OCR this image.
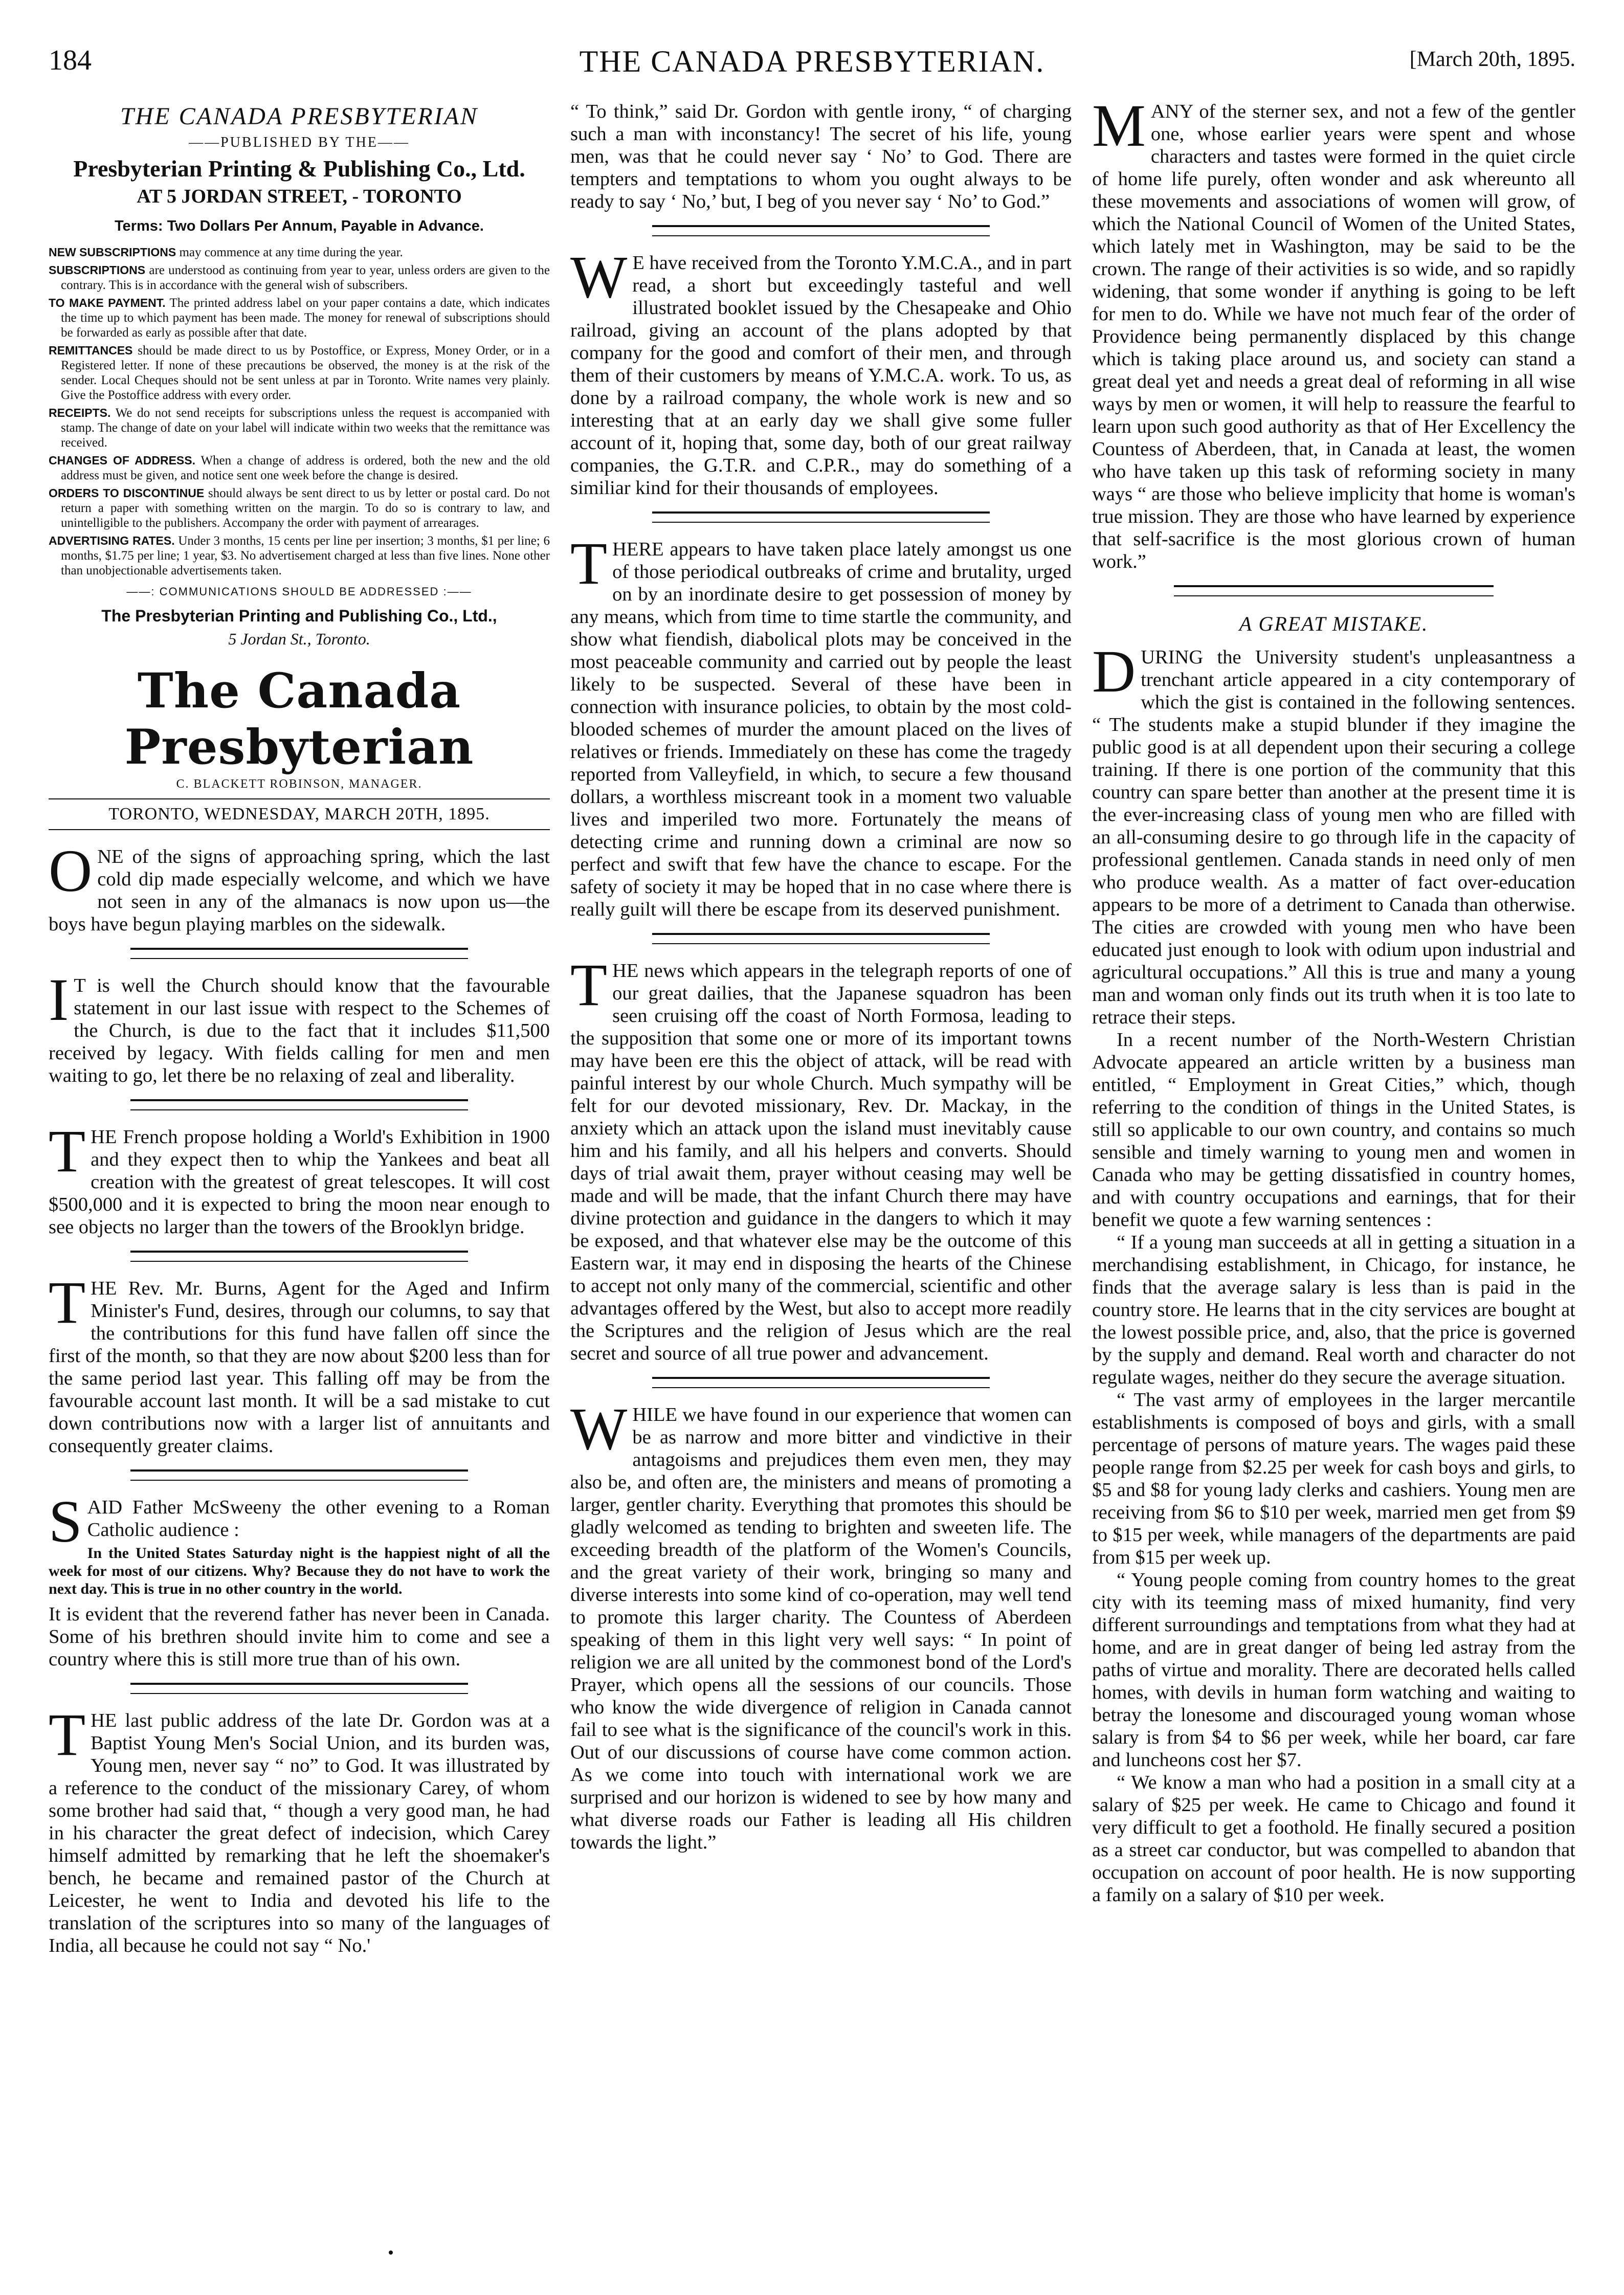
184	THE CANADA PRESBYTERIAN.	[March 20th, 1895.
THE CANADA PRESBYTERIAN
——PUBLISHED BY THE——
Presbyterian Printing & Publishing Co., Ltd.
AT 5 JORDAN STREET, - TORONTO
Terms: Two Dollars Per Annum, Payable in Advance.

NEW SUBSCRIPTIONS may commence at any time during the year.

SUBSCRIPTIONS are understood as continuing from year to year, unless orders are given to the contrary. This is in accordance with the general wish of subscribers.

TO MAKE PAYMENT. The printed address label on your paper contains a date, which indicates the time up to which payment has been made. The money for renewal of subscriptions should be forwarded as early as possible after that date.

REMITTANCES should be made direct to us by Postoffice, or Express, Money Order, or in a Registered letter. If none of these precautions be observed, the money is at the risk of the sender. Local Cheques should not be sent unless at par in Toronto. Write names very plainly. Give the Postoffice address with every order.

RECEIPTS. We do not send receipts for subscriptions unless the request is accompanied with stamp. The change of date on your label will indicate within two weeks that the remittance was received.

CHANGES OF ADDRESS. When a change of address is ordered, both the new and the old address must be given, and notice sent one week before the change is desired.

ORDERS TO DISCONTINUE should always be sent direct to us by letter or postal card. Do not return a paper with something written on the margin. To do so is contrary to law, and unintelligible to the publishers. Accompany the order with payment of arrearages.

ADVERTISING RATES. Under 3 months, 15 cents per line per insertion; 3 months, $1 per line; 6 months, $1.75 per line; 1 year, $3. No advertisement charged at less than five lines. None other than unobjectionable advertisements taken.

——: COMMUNICATIONS SHOULD BE ADDRESSED :——
The Presbyterian Printing and Publishing Co., Ltd.,
5 Jordan St., Toronto.
The Canada Presbyterian
C. BLACKETT ROBINSON, MANAGER.
TORONTO, WEDNESDAY, MARCH 20TH, 1895.

ONE of the signs of approaching spring, which the last cold dip made especially welcome, and which we have not seen in any of the almanacs is now upon us—the boys have begun playing marbles on the sidewalk.

I T is well the Church should know that the favourable statement in our last issue with respect to the Schemes of the Church, is due to the fact that it includes $11,500 received by legacy. With fields calling for men and men waiting to go, let there be no relaxing of zeal and liberality.

THE French propose holding a World's Exhibition in 1900 and they expect then to whip the Yankees and beat all creation with the greatest of great telescopes. It will cost $500,000 and it is expected to bring the moon near enough to see objects no larger than the towers of the Brooklyn bridge.

THE Rev. Mr. Burns, Agent for the Aged and Infirm Minister's Fund, desires, through our columns, to say that the contributions for this fund have fallen off since the first of the month, so that they are now about $200 less than for the same period last year. This falling off may be from the favourable account last month. It will be a sad mistake to cut down contributions now with a larger list of annuitants and consequently greater claims.

SAID Father McSweeny the other evening to a Roman Catholic audience :

In the United States Saturday night is the happiest night of all the week for most of our citizens. Why? Because they do not have to work the next day. This is true in no other country in the world.

It is evident that the reverend father has never been in Canada. Some of his brethren should invite him to come and see a country where this is still more true than of his own.

THE last public address of the late Dr. Gordon was at a Baptist Young Men's Social Union, and its burden was, Young men, never say “ no” to God. It was illustrated by a reference to the conduct of the missionary Carey, of whom some brother had said that, “ though a very good man, he had in his character the great defect of indecision, which Carey himself admitted by remarking that he left the shoemaker's bench, he became and remained pastor of the Church at Leicester, he went to India and devoted his life to the translation of the scriptures into so many of the languages of India, all because he could not say “ No.'

“ To think,” said Dr. Gordon with gentle irony, “ of charging such a man with inconstancy! The secret of his life, young men, was that he could never say ‘ No’ to God. There are tempters and temptations to whom you ought always to be ready to say ‘ No,’ but, I beg of you never say ‘ No’ to God.”

W E have received from the Toronto Y.M.C.A., and in part read, a short but exceedingly tasteful and well illustrated booklet issued by the Chesapeake and Ohio railroad, giving an account of the plans adopted by that company for the good and comfort of their men, and through them of their customers by means of Y.M.C.A. work. To us, as done by a railroad company, the whole work is new and so interesting that at an early day we shall give some fuller account of it, hoping that, some day, both of our great railway companies, the G.T.R. and C.P.R., may do something of a similiar kind for their thousands of employees.

THERE appears to have taken place lately amongst us one of those periodical outbreaks of crime and brutality, urged on by an inordinate desire to get possession of money by any means, which from time to time startle the community, and show what fiendish, diabolical plots may be conceived in the most peaceable community and carried out by people the least likely to be suspected. Several of these have been in connection with insurance policies, to obtain by the most cold-blooded schemes of murder the amount placed on the lives of relatives or friends. Immediately on these has come the tragedy reported from Valleyfield, in which, to secure a few thousand dollars, a worthless miscreant took in a moment two valuable lives and imperiled two more. Fortunately the means of detecting crime and running down a criminal are now so perfect and swift that few have the chance to escape. For the safety of society it may be hoped that in no case where there is really guilt will there be escape from its deserved punishment.

THE news which appears in the telegraph reports of one of our great dailies, that the Japanese squadron has been seen cruising off the coast of North Formosa, leading to the supposition that some one or more of its important towns may have been ere this the object of attack, will be read with painful interest by our whole Church. Much sympathy will be felt for our devoted missionary, Rev. Dr. Mackay, in the anxiety which an attack upon the island must inevitably cause him and his family, and all his helpers and converts. Should days of trial await them, prayer without ceasing may well be made and will be made, that the infant Church there may have divine protection and guidance in the dangers to which it may be exposed, and that whatever else may be the outcome of this Eastern war, it may end in disposing the hearts of the Chinese to accept not only many of the commercial, scientific and other advantages offered by the West, but also to accept more readily the Scriptures and the religion of Jesus which are the real secret and source of all true power and advancement.

WHILE we have found in our experience that women can be as narrow and more bitter and vindictive in their antagoisms and prejudices them even men, they may also be, and often are, the ministers and means of promoting a larger, gentler charity. Everything that promotes this should be gladly welcomed as tending to brighten and sweeten life. The exceeding breadth of the platform of the Women's Councils, and the great variety of their work, bringing so many and diverse interests into some kind of co-operation, may well tend to promote this larger charity. The Countess of Aberdeen speaking of them in this light very well says: “ In point of religion we are all united by the commonest bond of the Lord's Prayer, which opens all the sessions of our councils. Those who know the wide divergence of religion in Canada cannot fail to see what is the significance of the council's work in this. Out of our discussions of course have come common action. As we come into touch with international work we are surprised and our horizon is widened to see by how many and what diverse roads our Father is leading all His children towards the light.”

MANY of the sterner sex, and not a few of the gentler one, whose earlier years were spent and whose characters and tastes were formed in the quiet circle of home life purely, often wonder and ask whereunto all these movements and associations of women will grow, of which the National Council of Women of the United States, which lately met in Washington, may be said to be the crown. The range of their activities is so wide, and so rapidly widening, that some wonder if anything is going to be left for men to do. While we have not much fear of the order of Providence being permanently displaced by this change which is taking place around us, and society can stand a great deal yet and needs a great deal of reforming in all wise ways by men or women, it will help to reassure the fearful to learn upon such good authority as that of Her Excellency the Countess of Aberdeen, that, in Canada at least, the women who have taken up this task of reforming society in many ways “ are those who believe implicity that home is woman's true mission. They are those who have learned by experience that self-sacrifice is the most glorious crown of human work.”

A GREAT MISTAKE.

DURING the University student's unpleasantness a trenchant article appeared in a city contemporary of which the gist is contained in the following sentences. “ The students make a stupid blunder if they imagine the public good is at all dependent upon their securing a college training. If there is one portion of the community that this country can spare better than another at the present time it is the ever-increasing class of young men who are filled with an all-consuming desire to go through life in the capacity of professional gentlemen. Canada stands in need only of men who produce wealth. As a matter of fact over-education appears to be more of a detriment to Canada than otherwise. The cities are crowded with young men who have been educated just enough to look with odium upon industrial and agricultural occupations.” All this is true and many a young man and woman only finds out its truth when it is too late to retrace their steps.

In a recent number of the North-Western Christian Advocate appeared an article written by a business man entitled, “ Employment in Great Cities,” which, though referring to the condition of things in the United States, is still so applicable to our own country, and contains so much sensible and timely warning to young men and women in Canada who may be getting dissatisfied in country homes, and with country occupations and earnings, that for their benefit we quote a few warning sentences :

“ If a young man succeeds at all in getting a situation in a merchandising establishment, in Chicago, for instance, he finds that the average salary is less than is paid in the country store. He learns that in the city services are bought at the lowest possible price, and, also, that the price is governed by the supply and demand. Real worth and character do not regulate wages, neither do they secure the average situation.

“ The vast army of employees in the larger mercantile establishments is composed of boys and girls, with a small percentage of persons of mature years. The wages paid these people range from $2.25 per week for cash boys and girls, to $5 and $8 for young lady clerks and cashiers. Young men are receiving from $6 to $10 per week, married men get from $9 to $15 per week, while managers of the departments are paid from $15 per week up.

“ Young people coming from country homes to the great city with its teeming mass of mixed humanity, find very different surroundings and temptations from what they had at home, and are in great danger of being led astray from the paths of virtue and morality. There are decorated hells called homes, with devils in human form watching and waiting to betray the lonesome and discouraged young woman whose salary is from $4 to $6 per week, while her board, car fare and luncheons cost her $7.

“ We know a man who had a position in a small city at a salary of $25 per week. He came to Chicago and found it very difficult to get a foothold. He finally secured a position as a street car conductor, but was compelled to abandon that occupation on account of poor health. He is now supporting a family on a salary of $10 per week.
